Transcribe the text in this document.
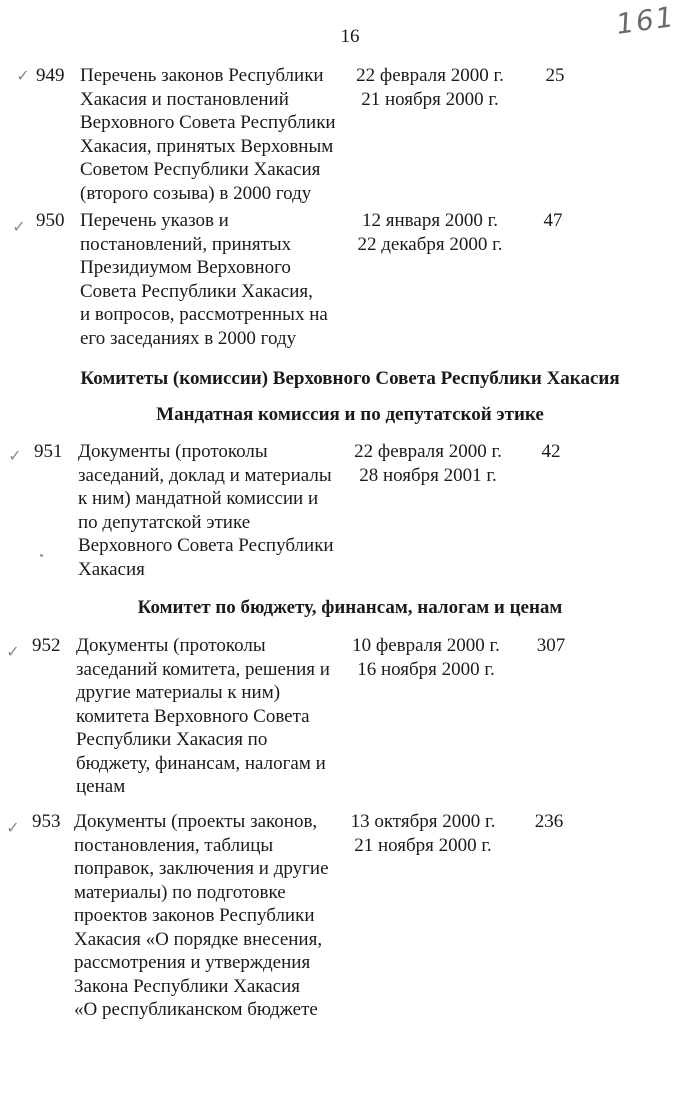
16	161
✓ 949 Перечень законов Республики
Хакасия и постановлений
Верховного Совета Республики
Хакасия, принятых Верховным
Советом Республики Хакасия
(второго созыва) в 2000 году
22 февраля 2000 г.
21 ноября 2000 г.
25
✓ 950 Перечень указов и
постановлений, принятых
Президиумом Верховного
Совета Республики Хакасия,
и вопросов, рассмотренных на
его заседаниях в 2000 году
12 января 2000 г.
22 декабря 2000 г.
47
Комитеты (комиссии) Верховного Совета Республики Хакасия
Мандатная комиссия и по депутатской этике
✓ 951 Документы (протоколы
заседаний, доклад и материалы
к ним) мандатной комиссии и
по депутатской этике
Верховного Совета Республики
Хакасия
22 февраля 2000 г.
28 ноября 2001 г.
42
Комитет по бюджету, финансам, налогам и ценам
✓ 952 Документы (протоколы
заседаний комитета, решения и
другие материалы к ним)
комитета Верховного Совета
Республики Хакасия по
бюджету, финансам, налогам и
ценам
10 февраля 2000 г.
16 ноября 2000 г.
307
✓ 953 Документы (проекты законов,
постановления, таблицы
поправок, заключения и другие
материалы) по подготовке
проектов законов Республики
Хакасия «О порядке внесения,
рассмотрения и утверждения
Закона Республики Хакасия
«О республиканском бюджете
13 октября 2000 г.
21 ноября 2000 г.
236
